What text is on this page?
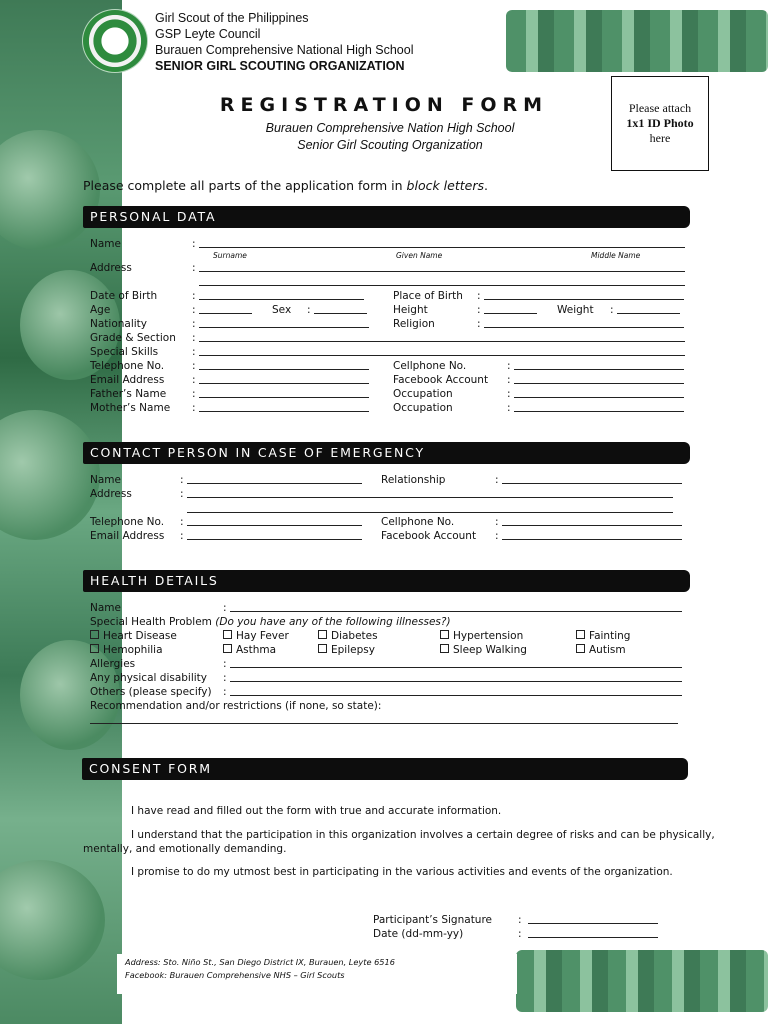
Girl Scout of the Philippines
GSP Leyte Council
Burauen Comprehensive National High School
SENIOR GIRL SCOUTING ORGANIZATION
REGISTRATION FORM
Burauen Comprehensive Nation High School
Senior Girl Scouting Organization
Please attach
1x1 ID Photo
here
Please complete all parts of the application form in block letters.
PERSONAL DATA
Name	:
Surname	Given Name	Middle Name
Address	:
Date of Birth	:	Place of Birth :
Age	:	Sex :	Height	:	Weight :
Nationality	:	Religion	:
Grade & Section :
Special Skills	:
Telephone No.	:	Cellphone No.	:
Email Address	:	Facebook Account :
Father’s Name :	Occupation	:
Mother’s Name :	Occupation	:
CONTACT PERSON IN CASE OF EMERGENCY
Name	:	Relationship	:
Address	:
Telephone No. :	Cellphone No.	:
Email Address :	Facebook Account :
HEALTH DETAILS
Name	:
Special Health Problem (Do you have any of the following illnesses?)
Heart Disease	Hay Fever	Diabetes	Hypertension	Fainting
Hemophilia	Asthma	Epilepsy	Sleep Walking	Autism
Allergies	:
Any physical disability :
Others (please specify) :
Recommendation and/or restrictions (if none, so state):
CONSENT FORM
I have read and filled out the form with true and accurate information.
I understand that the participation in this organization involves a certain degree of risks and can be physically,
mentally, and emotionally demanding.
I promise to do my utmost best in participating in the various activities and events of the organization.
Participant’s Signature :
Date (dd-mm-yy)	:
Address: Sto. Niño St., San Diego District IX, Burauen, Leyte 6516
Facebook: Burauen Comprehensive NHS – Girl Scouts
